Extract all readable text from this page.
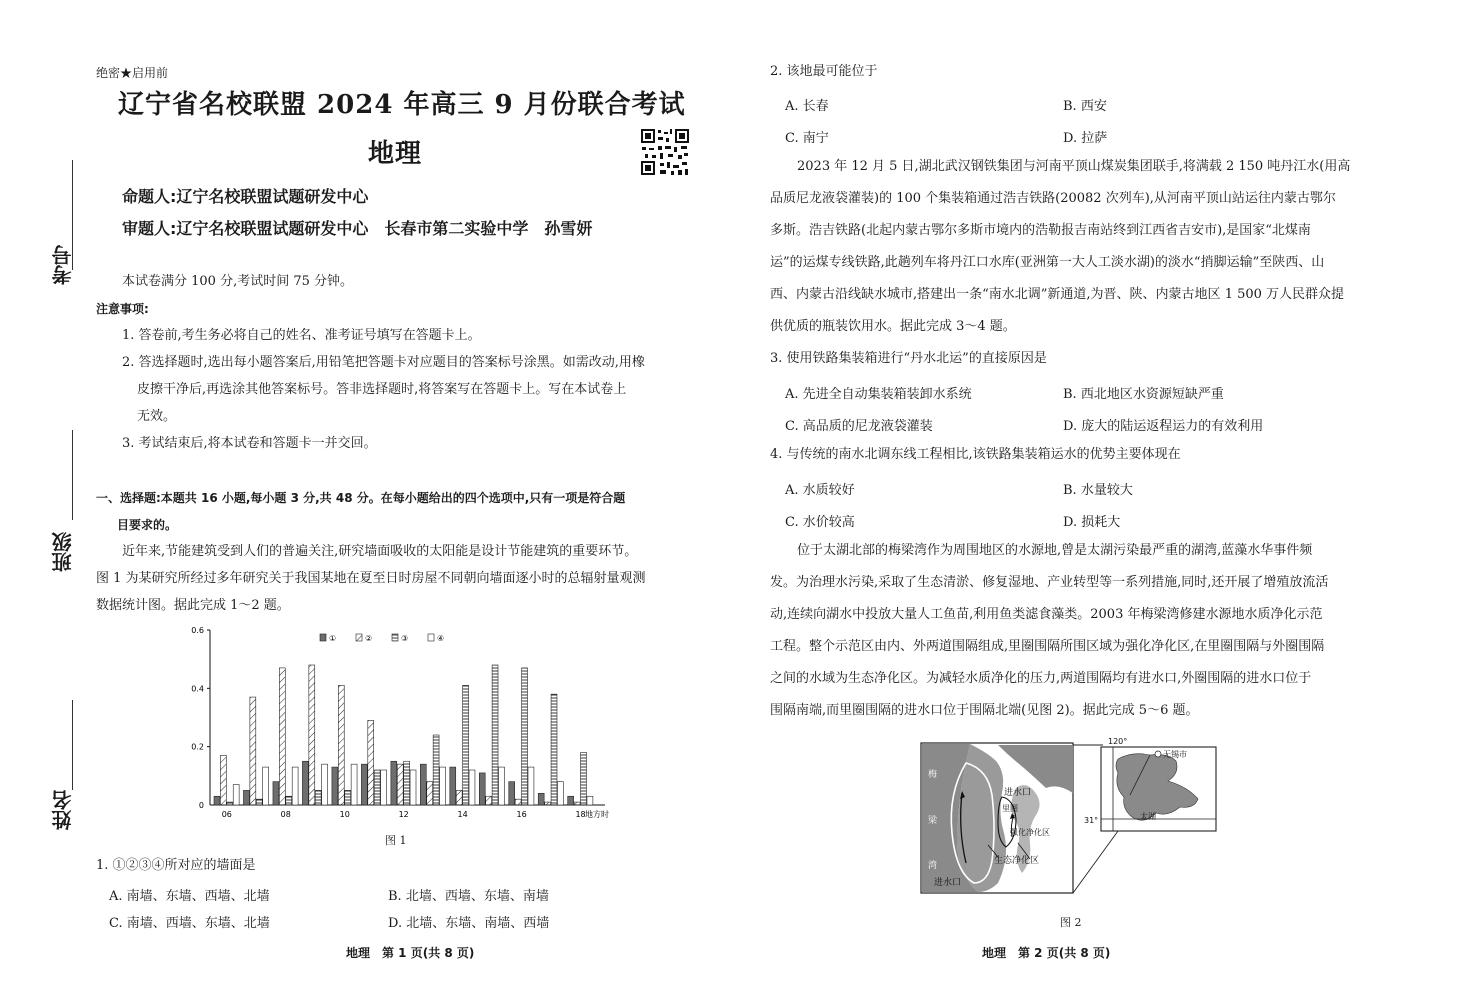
考号
班级
姓名
绝密★启用前
辽宁省名校联盟 2024 年高三 9 月份联合考试
地理
命题人:辽宁名校联盟试题研发中心
审题人:辽宁名校联盟试题研发中心　长春市第二实验中学　孙雪妍

本试卷满分 100 分,考试时间 75 分钟。

注意事项:

1. 答卷前,考生务必将自己的姓名、准考证号填写在答题卡上。

2. 答选择题时,选出每小题答案后,用铅笔把答题卡对应题目的答案标号涂黑。如需改动,用橡

皮擦干净后,再选涂其他答案标号。答非选择题时,将答案写在答题卡上。写在本试卷上

无效。

3. 考试结束后,将本试卷和答题卡一并交回。

一、选择题:本题共 16 小题,每小题 3 分,共 48 分。在每小题给出的四个选项中,只有一项是符合题

目要求的。

近年来,节能建筑受到人们的普遍关注,研究墙面吸收的太阳能是设计节能建筑的重要环节。

图 1 为某研究所经过多年研究关于我国某地在夏至日时房屋不同朝向墙面逐小时的总辐射量观测

数据统计图。据此完成 1～2 题。

0.6
0.4
0.2
0
06	08	10	12	14	16	18 地方时
①	②	③	④
图 1

1. ①②③④所对应的墙面是

A. 南墙、东墙、西墙、北墙	B. 北墙、西墙、东墙、南墙
C. 南墙、西墙、东墙、北墙	D. 北墙、东墙、南墙、西墙
地理　第 1 页(共 8 页)

2. 该地最可能位于

A. 长春	B. 西安
C. 南宁	D. 拉萨

2023 年 12 月 5 日,湖北武汉钢铁集团与河南平顶山煤炭集团联手,将满载 2 150 吨丹江水(用高

品质尼龙液袋灌装)的 100 个集装箱通过浩吉铁路(20082 次列车),从河南平顶山站运往内蒙古鄂尔

多斯。浩吉铁路(北起内蒙古鄂尔多斯市境内的浩勒报吉南站终到江西省吉安市),是国家“北煤南

运”的运煤专线铁路,此趟列车将丹江口水库(亚洲第一大人工淡水湖)的淡水“捎脚运输”至陕西、山

西、内蒙古沿线缺水城市,搭建出一条“南水北调”新通道,为晋、陕、内蒙古地区 1 500 万人民群众提

供优质的瓶装饮用水。据此完成 3～4 题。

3. 使用铁路集装箱进行“丹水北运”的直接原因是

A. 先进全自动集装箱装卸水系统	B. 西北地区水资源短缺严重
C. 高品质的尼龙液袋灌装	D. 庞大的陆运返程运力的有效利用

4. 与传统的南水北调东线工程相比,该铁路集装箱运水的优势主要体现在

A. 水质较好	B. 水量较大
C. 水价较高	D. 损耗大

位于太湖北部的梅梁湾作为周围地区的水源地,曾是太湖污染最严重的湖湾,蓝藻水华事件频

发。为治理水污染,采取了生态清淤、修复湿地、产业转型等一系列措施,同时,还开展了增殖放流活

动,连续向湖水中投放大量人工鱼苗,利用鱼类滤食藻类。2003 年梅梁湾修建水源地水质净化示范

工程。整个示范区由内、外两道围隔组成,里圈围隔所围区域为强化净化区,在里圈围隔与外圈围隔

之间的水域为生态净化区。为减轻水质净化的压力,两道围隔均有进水口,外圈围隔的进水口位于

围隔南端,而里圈围隔的进水口位于围隔北端(见图 2)。据此完成 5～6 题。

梅
梁
湾
进水口
进水口
里圈
强化净化区
生态净化区
120°
31°
无锡市
太湖
图 2
地理　第 2 页(共 8 页)
